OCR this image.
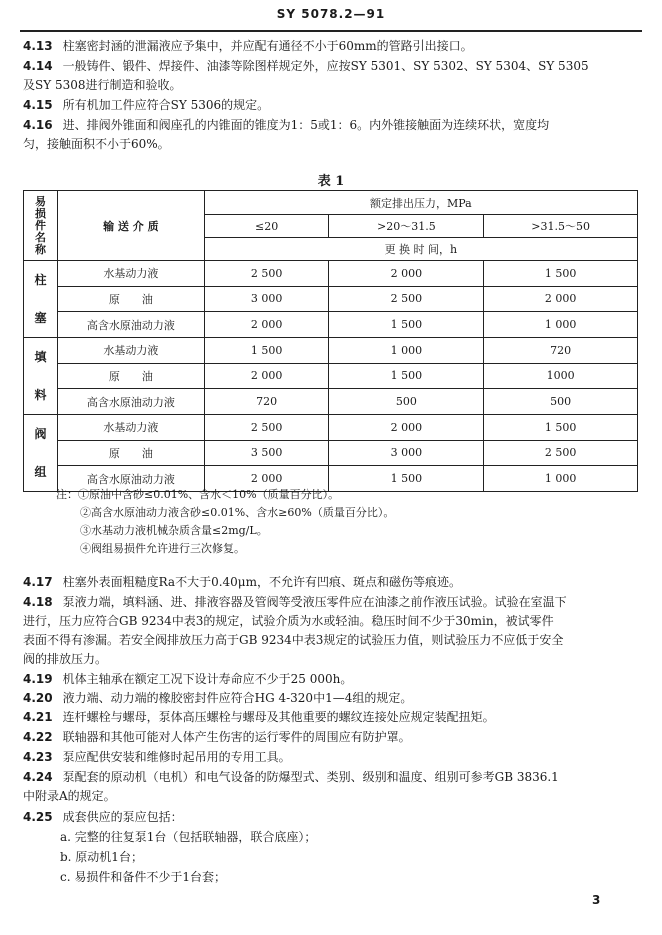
SY 5078.2—91
4.13 柱塞密封涵的泄漏液应予集中，并应配有通径不小于60mm的管路引出接口。
4.14 一般铸件、锻件、焊接件、油漆等除图样规定外，应按SY 5301、SY 5302、SY 5304、SY 5305
及SY 5308进行制造和验收。
4.15 所有机加工件应符合SY 5306的规定。
4.16 进、排阀外锥面和阀座孔的内锥面的锥度为1：5或1：6。内外锥接触面为连续环状，宽度均
匀，接触面积不小于60%。
表 1
易损件名称	输 送 介 质	额定排出压力，MPa		
		≤20	>20～31.5	>31.5～50
		更 换 时 间，h		

柱塞	水基动力液	2 500	2 000	1 500
	原　　油	3 000	2 500	2 000
	高含水原油动力液	2 000	1 500	1 000

填料	水基动力液	1 500	1 000	720
	原　　油	2 000	1 500	1000
	高含水原油动力液	720	500	500

阀组	水基动力液	2 500	2 000	1 500
	原　　油	3 500	3 000	2 500
	高含水原油动力液	2 000	1 500	1 000
注：①原油中含砂≤0.01%、含水＜10%（质量百分比）。
②高含水原油动力液含砂≤0.01%、含水≥60%（质量百分比）。
③水基动力液机械杂质含量≤2mg/L。
④阀组易损件允许进行三次修复。
4.17 柱塞外表面粗糙度Ra不大于0.40μm，不允许有凹痕、斑点和磁伤等痕迹。
4.18 泵液力端，填料涵、进、排液容器及管阀等受液压零件应在油漆之前作液压试验。试验在室温下
进行，压力应符合GB 9234中表3的规定，试验介质为水或轻油。稳压时间不少于30min，被试零件
表面不得有渗漏。若安全阀排放压力高于GB 9234中表3规定的试验压力值，则试验压力不应低于安全
阀的排放压力。
4.19 机体主轴承在额定工况下设计寿命应不少于25 000h。
4.20 液力端、动力端的橡胶密封件应符合HG 4-320中1—4组的规定。
4.21 连杆螺栓与螺母，泵体高压螺栓与螺母及其他重要的螺纹连接处应规定装配扭矩。
4.22 联轴器和其他可能对人体产生伤害的运行零件的周围应有防护罩。
4.23 泵应配供安装和维修时起吊用的专用工具。
4.24 泵配套的原动机（电机）和电气设备的防爆型式、类别、级别和温度、组别可参考GB 3836.1
中附录A的规定。
4.25 成套供应的泵应包括：
a. 完整的往复泵1台（包括联轴器，联合底座）；
b. 原动机1台；
c. 易损件和备件不少于1台套；
3
